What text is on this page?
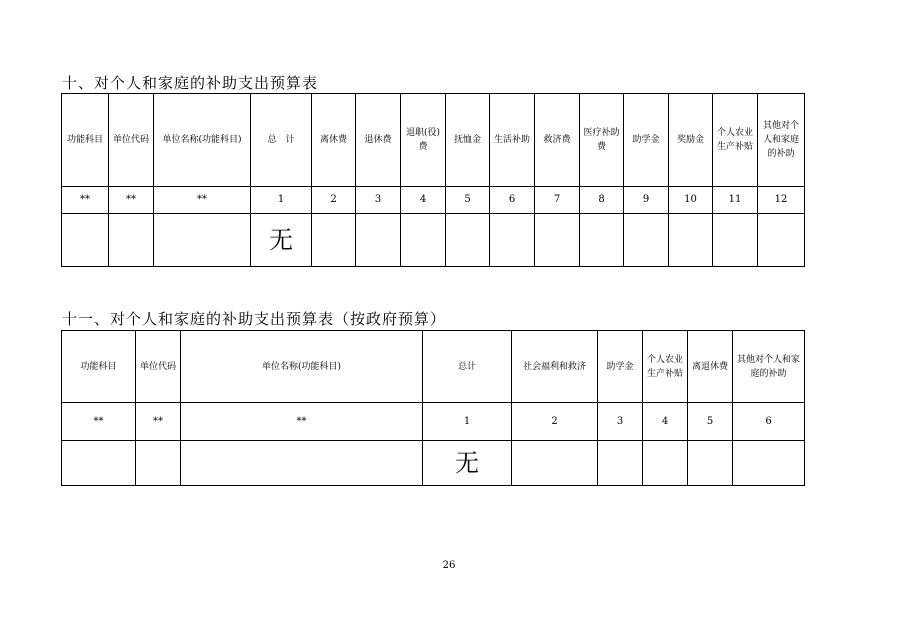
十、对个人和家庭的补助支出预算表
功能科目	单位代码	单位名称(功能科目)	总　计	离休费	退休费	退职(役)费	抚恤金	生活补助	救济费	医疗补助费	助学金	奖励金	个人农业生产补贴	其他对个人和家庭的补助
**	**	**	1	2	3	4	5	6	7	8	9	10	11	12
			无											
十一、对个人和家庭的补助支出预算表（按政府预算）
功能科目	单位代码	单位名称(功能科目)	总计	社会福利和救济	助学金	个人农业生产补贴	离退休费	其他对个人和家庭的补助
**	**	**	1	2	3	4	5	6
			无					
26
